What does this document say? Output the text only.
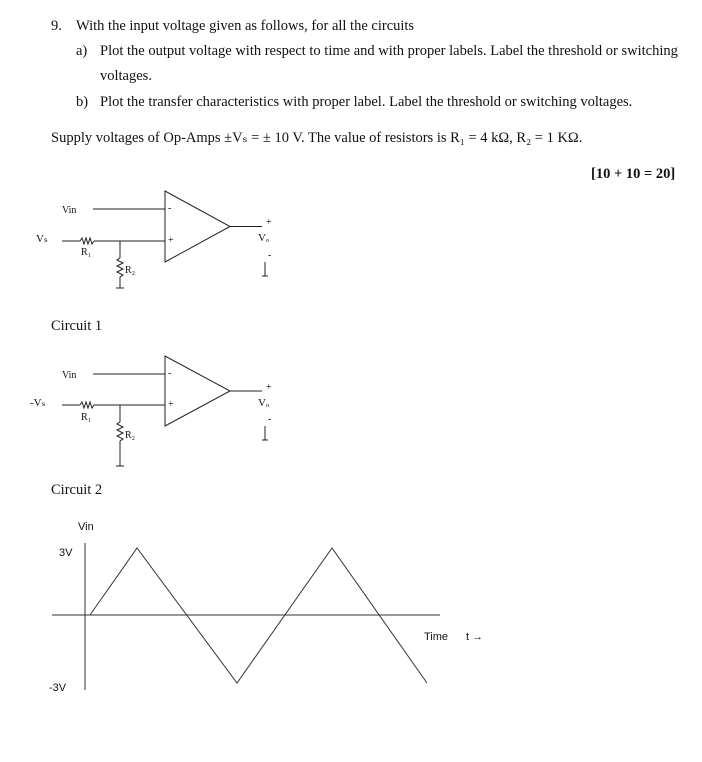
9. With the input voltage given as follows, for all the circuits
a) Plot the output voltage with respect to time and with proper labels. Label the threshold or switching
voltages.
b) Plot the transfer characteristics with proper label. Label the threshold or switching voltages.
Supply voltages of Op-Amps ±Vₛ = ± 10 V. The value of resistors is R₁ = 4 kΩ, R₂ = 1 KΩ.
[10 + 10 = 20]
Vin
Vₛ
R₁
R₂
-
+
+
Vₒ
-
Circuit 1
Vin
-Vₛ
R₁
R₂
-
+
+
Vₒ
-
Circuit 2
Vin
3V
-3V
Time t →
